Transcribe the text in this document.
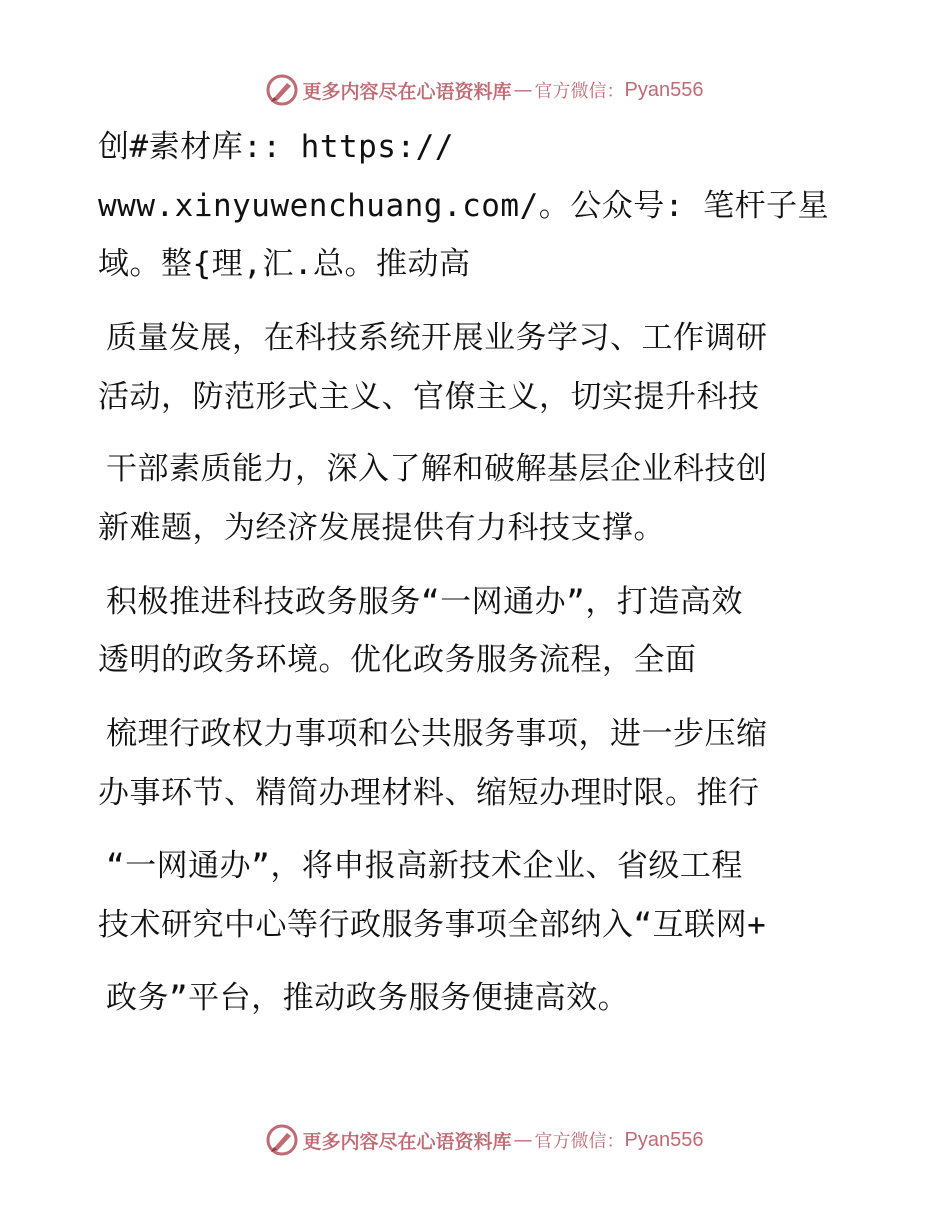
更多内容尽在心语资料库 — 官方微信： Pyan556
创#素材库:: https://
www.xinyuwenchuang.com/。公众号: 笔杆子星
域。整{理,汇.总。推动高
质量发展，在科技系统开展业务学习、工作调研
活动，防范形式主义、官僚主义，切实提升科技
干部素质能力，深入了解和破解基层企业科技创
新难题，为经济发展提供有力科技支撑。
积极推进科技政务服务“一网通办”，打造高效
透明的政务环境。优化政务服务流程，全面
梳理行政权力事项和公共服务事项，进一步压缩
办事环节、精简办理材料、缩短办理时限。推行
“一网通办”，将申报高新技术企业、省级工程
技术研究中心等行政服务事项全部纳入“互联网+
政务”平台，推动政务服务便捷高效。
更多内容尽在心语资料库 — 官方微信： Pyan556
